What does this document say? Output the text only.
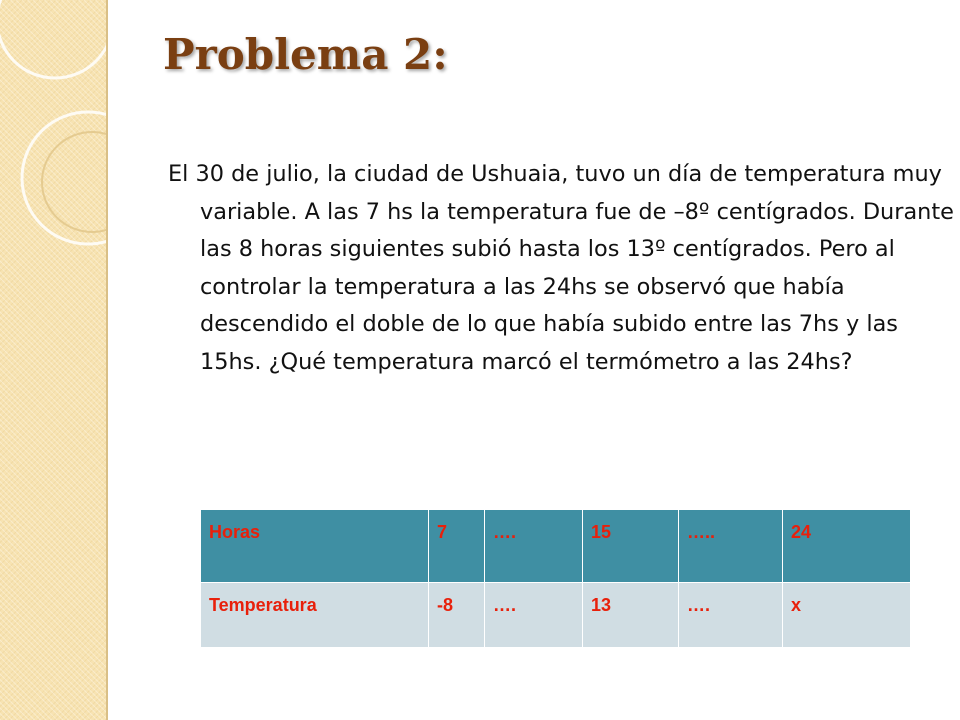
Problema 2:

El 30 de julio, la ciudad de Ushuaia, tuvo un día de temperatura muy variable. A las 7 hs la temperatura fue de –8º centígrados. Durante las 8 horas siguientes subió hasta los 13º centígrados. Pero al controlar la temperatura a las 24hs se observó que había descendido el doble de lo que había subido entre las 7hs y las 15hs. ¿Qué temperatura marcó el termómetro a las 24hs?

Horas	7	….	15	…..	24
Temperatura	-8	….	13	….	x
